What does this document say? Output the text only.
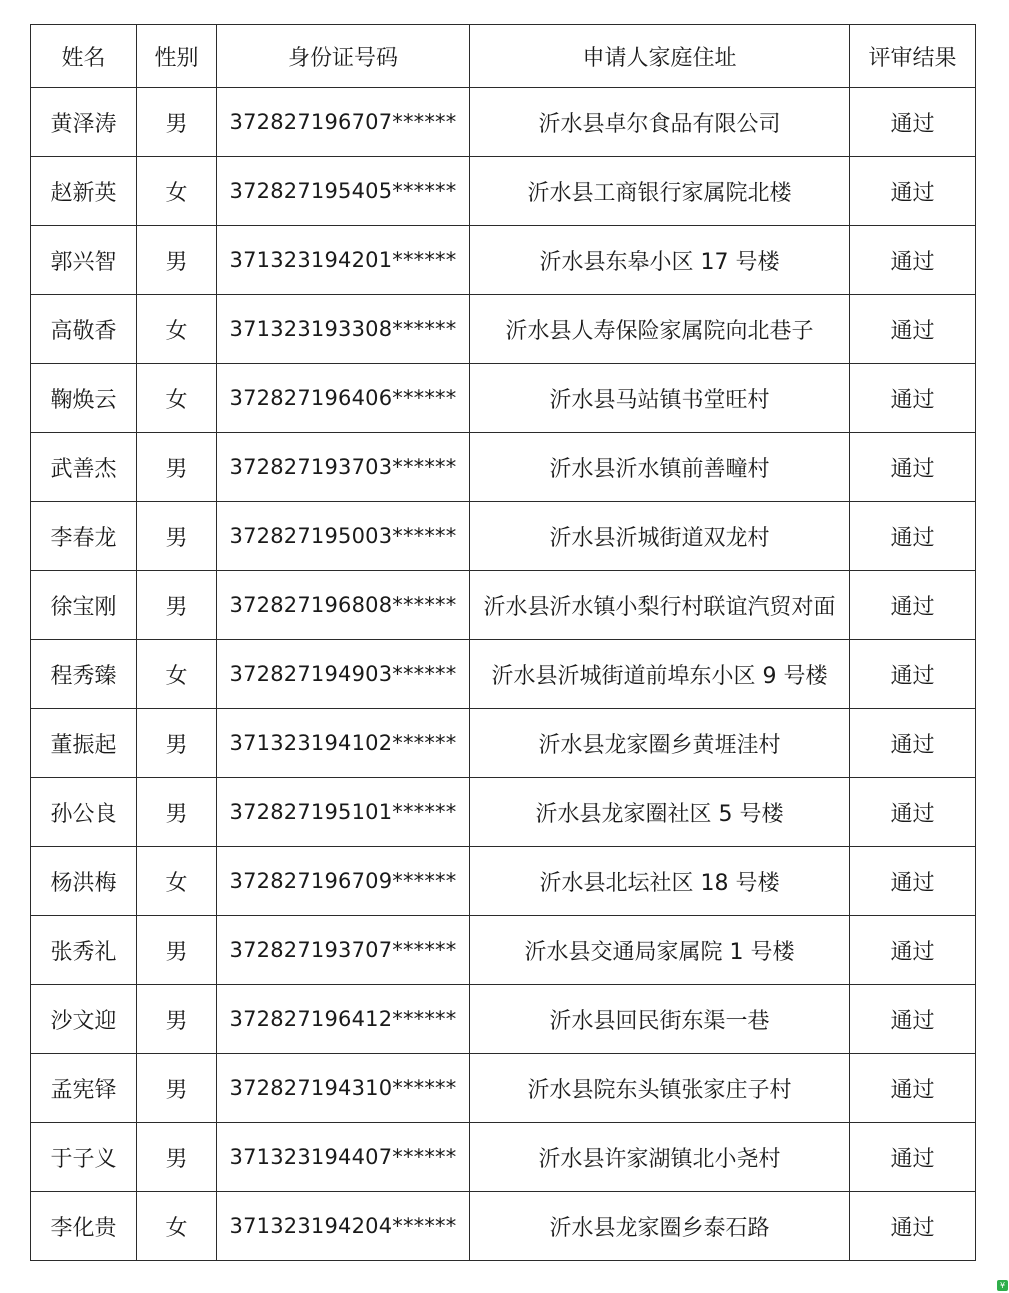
姓名	性别	身份证号码	申请人家庭住址	评审结果
黄泽涛	男	372827196707******	沂水县卓尔食品有限公司	通过
赵新英	女	372827195405******	沂水县工商银行家属院北楼	通过
郭兴智	男	371323194201******	沂水县东皋小区 17 号楼	通过
高敬香	女	371323193308******	沂水县人寿保险家属院向北巷子	通过
鞠焕云	女	372827196406******	沂水县马站镇书堂旺村	通过
武善杰	男	372827193703******	沂水县沂水镇前善疃村	通过
李春龙	男	372827195003******	沂水县沂城街道双龙村	通过
徐宝刚	男	372827196808******	沂水县沂水镇小梨行村联谊汽贸对面	通过
程秀臻	女	372827194903******	沂水县沂城街道前埠东小区 9 号楼	通过
董振起	男	371323194102******	沂水县龙家圈乡黄堐洼村	通过
孙公良	男	372827195101******	沂水县龙家圈社区 5 号楼	通过
杨洪梅	女	372827196709******	沂水县北坛社区 18 号楼	通过
张秀礼	男	372827193707******	沂水县交通局家属院 1 号楼	通过
沙文迎	男	372827196412******	沂水县回民街东渠一巷	通过
孟宪铎	男	372827194310******	沂水县院东头镇张家庄子村	通过
于子义	男	371323194407******	沂水县许家湖镇北小尧村	通过
李化贵	女	371323194204******	沂水县龙家圈乡泰石路	通过
¥
